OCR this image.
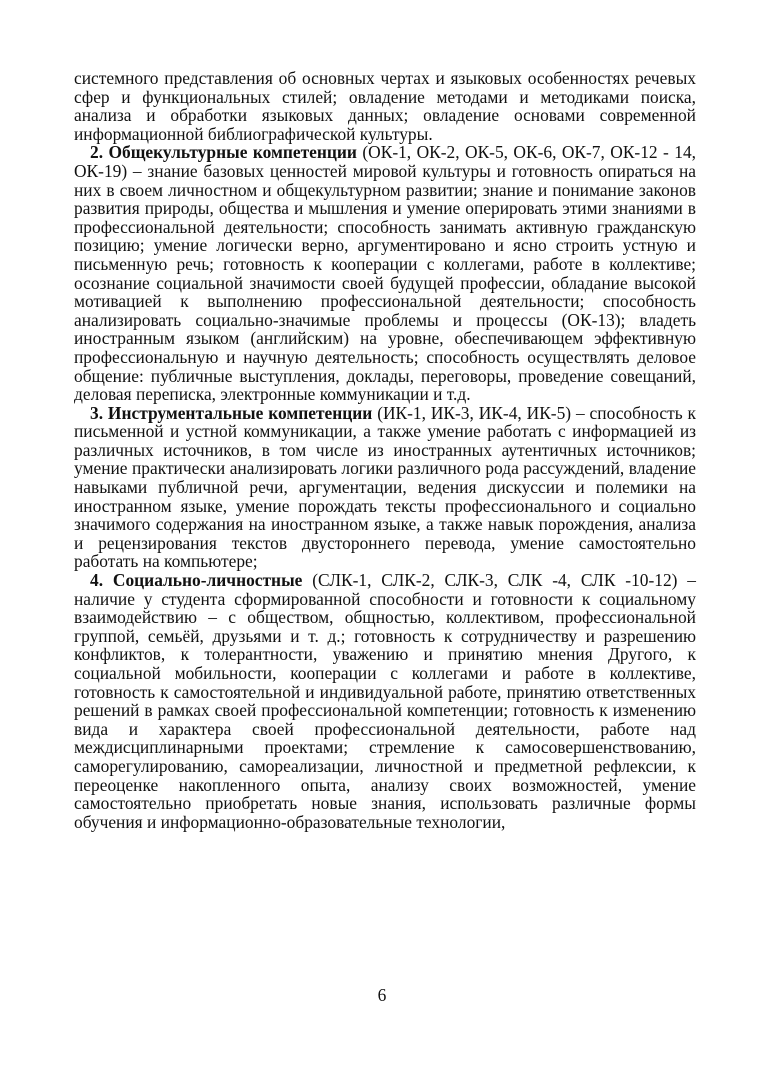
системного представления об основных чертах и языковых особенностях речевых сфер и функциональных стилей; овладение методами и методиками поиска, анализа и обработки языковых данных; овладение основами современной информационной библиографической культуры.

2. Общекультурные компетенции (ОК-1, ОК-2, ОК-5, ОК-6, ОК-7, ОК-12 - 14, ОК-19) – знание базовых ценностей мировой культуры и готовность опираться на них в своем личностном и общекультурном развитии; знание и понимание законов развития природы, общества и мышления и умение оперировать этими знаниями в профессиональной деятельности; способность занимать активную гражданскую позицию; умение логически верно, аргументировано и ясно строить устную и письменную речь; готовность к кооперации с коллегами, работе в коллективе; осознание социальной значимости своей будущей профессии, обладание высокой мотивацией к выполнению профессиональной деятельности; способность анализировать социально-значимые проблемы и процессы (ОК-13); владеть иностранным языком (английским) на уровне, обеспечивающем эффективную профессиональную и научную деятельность; способность осуществлять деловое общение: публичные выступления, доклады, переговоры, проведение совещаний, деловая переписка, электронные коммуникации и т.д.

3. Инструментальные компетенции (ИК-1, ИК-3, ИК-4, ИК-5) – способность к письменной и устной коммуникации, а также умение работать с информацией из различных источников, в том числе из иностранных аутентичных источников; умение практически анализировать логики различного рода рассуждений, владение навыками публичной речи, аргументации, ведения дискуссии и полемики на иностранном языке, умение порождать тексты профессионального и социально значимого содержания на иностранном языке, а также навык порождения, анализа и рецензирования текстов двустороннего перевода, умение самостоятельно работать на компьютере;

4. Социально-личностные (СЛК-1, СЛК-2, СЛК-3, СЛК -4, СЛК -10-12) – наличие у студента сформированной способности и готовности к социальному взаимодействию – с обществом, общностью, коллективом, профессиональной группой, семьёй, друзьями и т. д.; готовность к сотрудничеству и разрешению конфликтов, к толерантности, уважению и принятию мнения Другого, к социальной мобильности, кооперации с коллегами и работе в коллективе, готовность к самостоятельной и индивидуальной работе, принятию ответственных решений в рамках своей профессиональной компетенции; готовность к изменению вида и характера своей профессиональной деятельности, работе над междисциплинарными проектами; стремление к самосовершенствованию, саморегулированию, самореализации, личностной и предметной рефлексии, к переоценке накопленного опыта, анализу своих возможностей, умение самостоятельно приобретать новые знания, использовать различные формы обучения и информационно-образовательные технологии,

6
